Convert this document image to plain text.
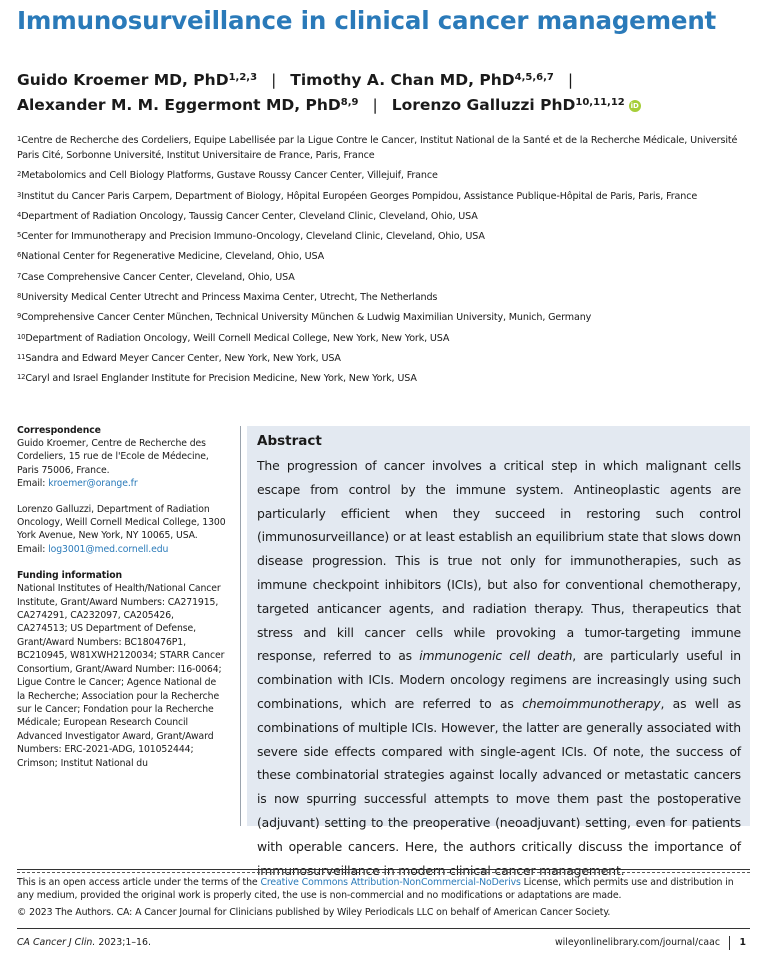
Immunosurveillance in clinical cancer management
Guido Kroemer MD, PhD$^{1,2,3}$ | Timothy A. Chan MD, PhD$^{4,5,6,7}$ |
Alexander M. M. Eggermont MD, PhD$^{8,9}$ | Lorenzo Galluzzi PhD$^{10,11,12}$ iD
$^1$Centre de Recherche des Cordeliers, Equipe Labellisée par la Ligue Contre le Cancer, Institut National de la Santé et de la Recherche Médicale, Université Paris Cité, Sorbonne Université, Institut Universitaire de France, Paris, France
$^2$Metabolomics and Cell Biology Platforms, Gustave Roussy Cancer Center, Villejuif, France
$^3$Institut du Cancer Paris Carpem, Department of Biology, Hôpital Européen Georges Pompidou, Assistance Publique-Hôpital de Paris, Paris, France
$^4$Department of Radiation Oncology, Taussig Cancer Center, Cleveland Clinic, Cleveland, Ohio, USA
$^5$Center for Immunotherapy and Precision Immuno-Oncology, Cleveland Clinic, Cleveland, Ohio, USA
$^6$National Center for Regenerative Medicine, Cleveland, Ohio, USA
$^7$Case Comprehensive Cancer Center, Cleveland, Ohio, USA
$^8$University Medical Center Utrecht and Princess Maxima Center, Utrecht, The Netherlands
$^9$Comprehensive Cancer Center München, Technical University München & Ludwig Maximilian University, Munich, Germany
$^{10}$Department of Radiation Oncology, Weill Cornell Medical College, New York, New York, USA
$^{11}$Sandra and Edward Meyer Cancer Center, New York, New York, USA
$^{12}$Caryl and Israel Englander Institute for Precision Medicine, New York, New York, USA
Correspondence
Guido Kroemer, Centre de Recherche des Cordeliers, 15 rue de l'Ecole de Médecine, Paris 75006, France.
Email: kroemer@orange.fr
Lorenzo Galluzzi, Department of Radiation Oncology, Weill Cornell Medical College, 1300 York Avenue, New York, NY 10065, USA.
Email: log3001@med.cornell.edu
Funding information
National Institutes of Health/National Cancer Institute, Grant/Award Numbers: CA271915, CA274291, CA232097, CA205426, CA274513; US Department of Defense, Grant/Award Numbers: BC180476P1, BC210945, W81XWH2120034; STARR Cancer Consortium, Grant/Award Number: I16-0064; Ligue Contre le Cancer; Agence National de la Recherche; Association pour la Recherche sur le Cancer; Fondation pour la Recherche Médicale; European Research Council Advanced Investigator Award, Grant/Award Numbers: ERC-2021-ADG, 101052444; Crimson; Institut National du
Abstract
The progression of cancer involves a critical step in which malignant cells escape from control by the immune system. Antineoplastic agents are particularly efficient when they succeed in restoring such control (immunosurveillance) or at least establish an equilibrium state that slows down disease progression. This is true not only for immunotherapies, such as immune checkpoint inhibitors (ICIs), but also for conventional chemotherapy, targeted anticancer agents, and radiation therapy. Thus, therapeutics that stress and kill cancer cells while provoking a tumor-targeting immune response, referred to as immunogenic cell death, are particularly useful in combination with ICIs. Modern oncology regimens are increasingly using such combinations, which are referred to as chemoimmunotherapy, as well as combinations of multiple ICIs. However, the latter are generally associated with severe side effects compared with single-agent ICIs. Of note, the success of these combinatorial strategies against locally advanced or metastatic cancers is now spurring successful attempts to move them past the postoperative (adjuvant) setting to the preoperative (neoadjuvant) setting, even for patients with operable cancers. Here, the authors critically discuss the importance of immunosurveillance in modern clinical cancer management.
This is an open access article under the terms of the Creative Commons Attribution-NonCommercial-NoDerivs License, which permits use and distribution in any medium, provided the original work is properly cited, the use is non-commercial and no modifications or adaptations are made.
© 2023 The Authors. CA: A Cancer Journal for Clinicians published by Wiley Periodicals LLC on behalf of American Cancer Society.
CA Cancer J Clin. 2023;1–16.	wileyonlinelibrary.com/journal/caac 1
